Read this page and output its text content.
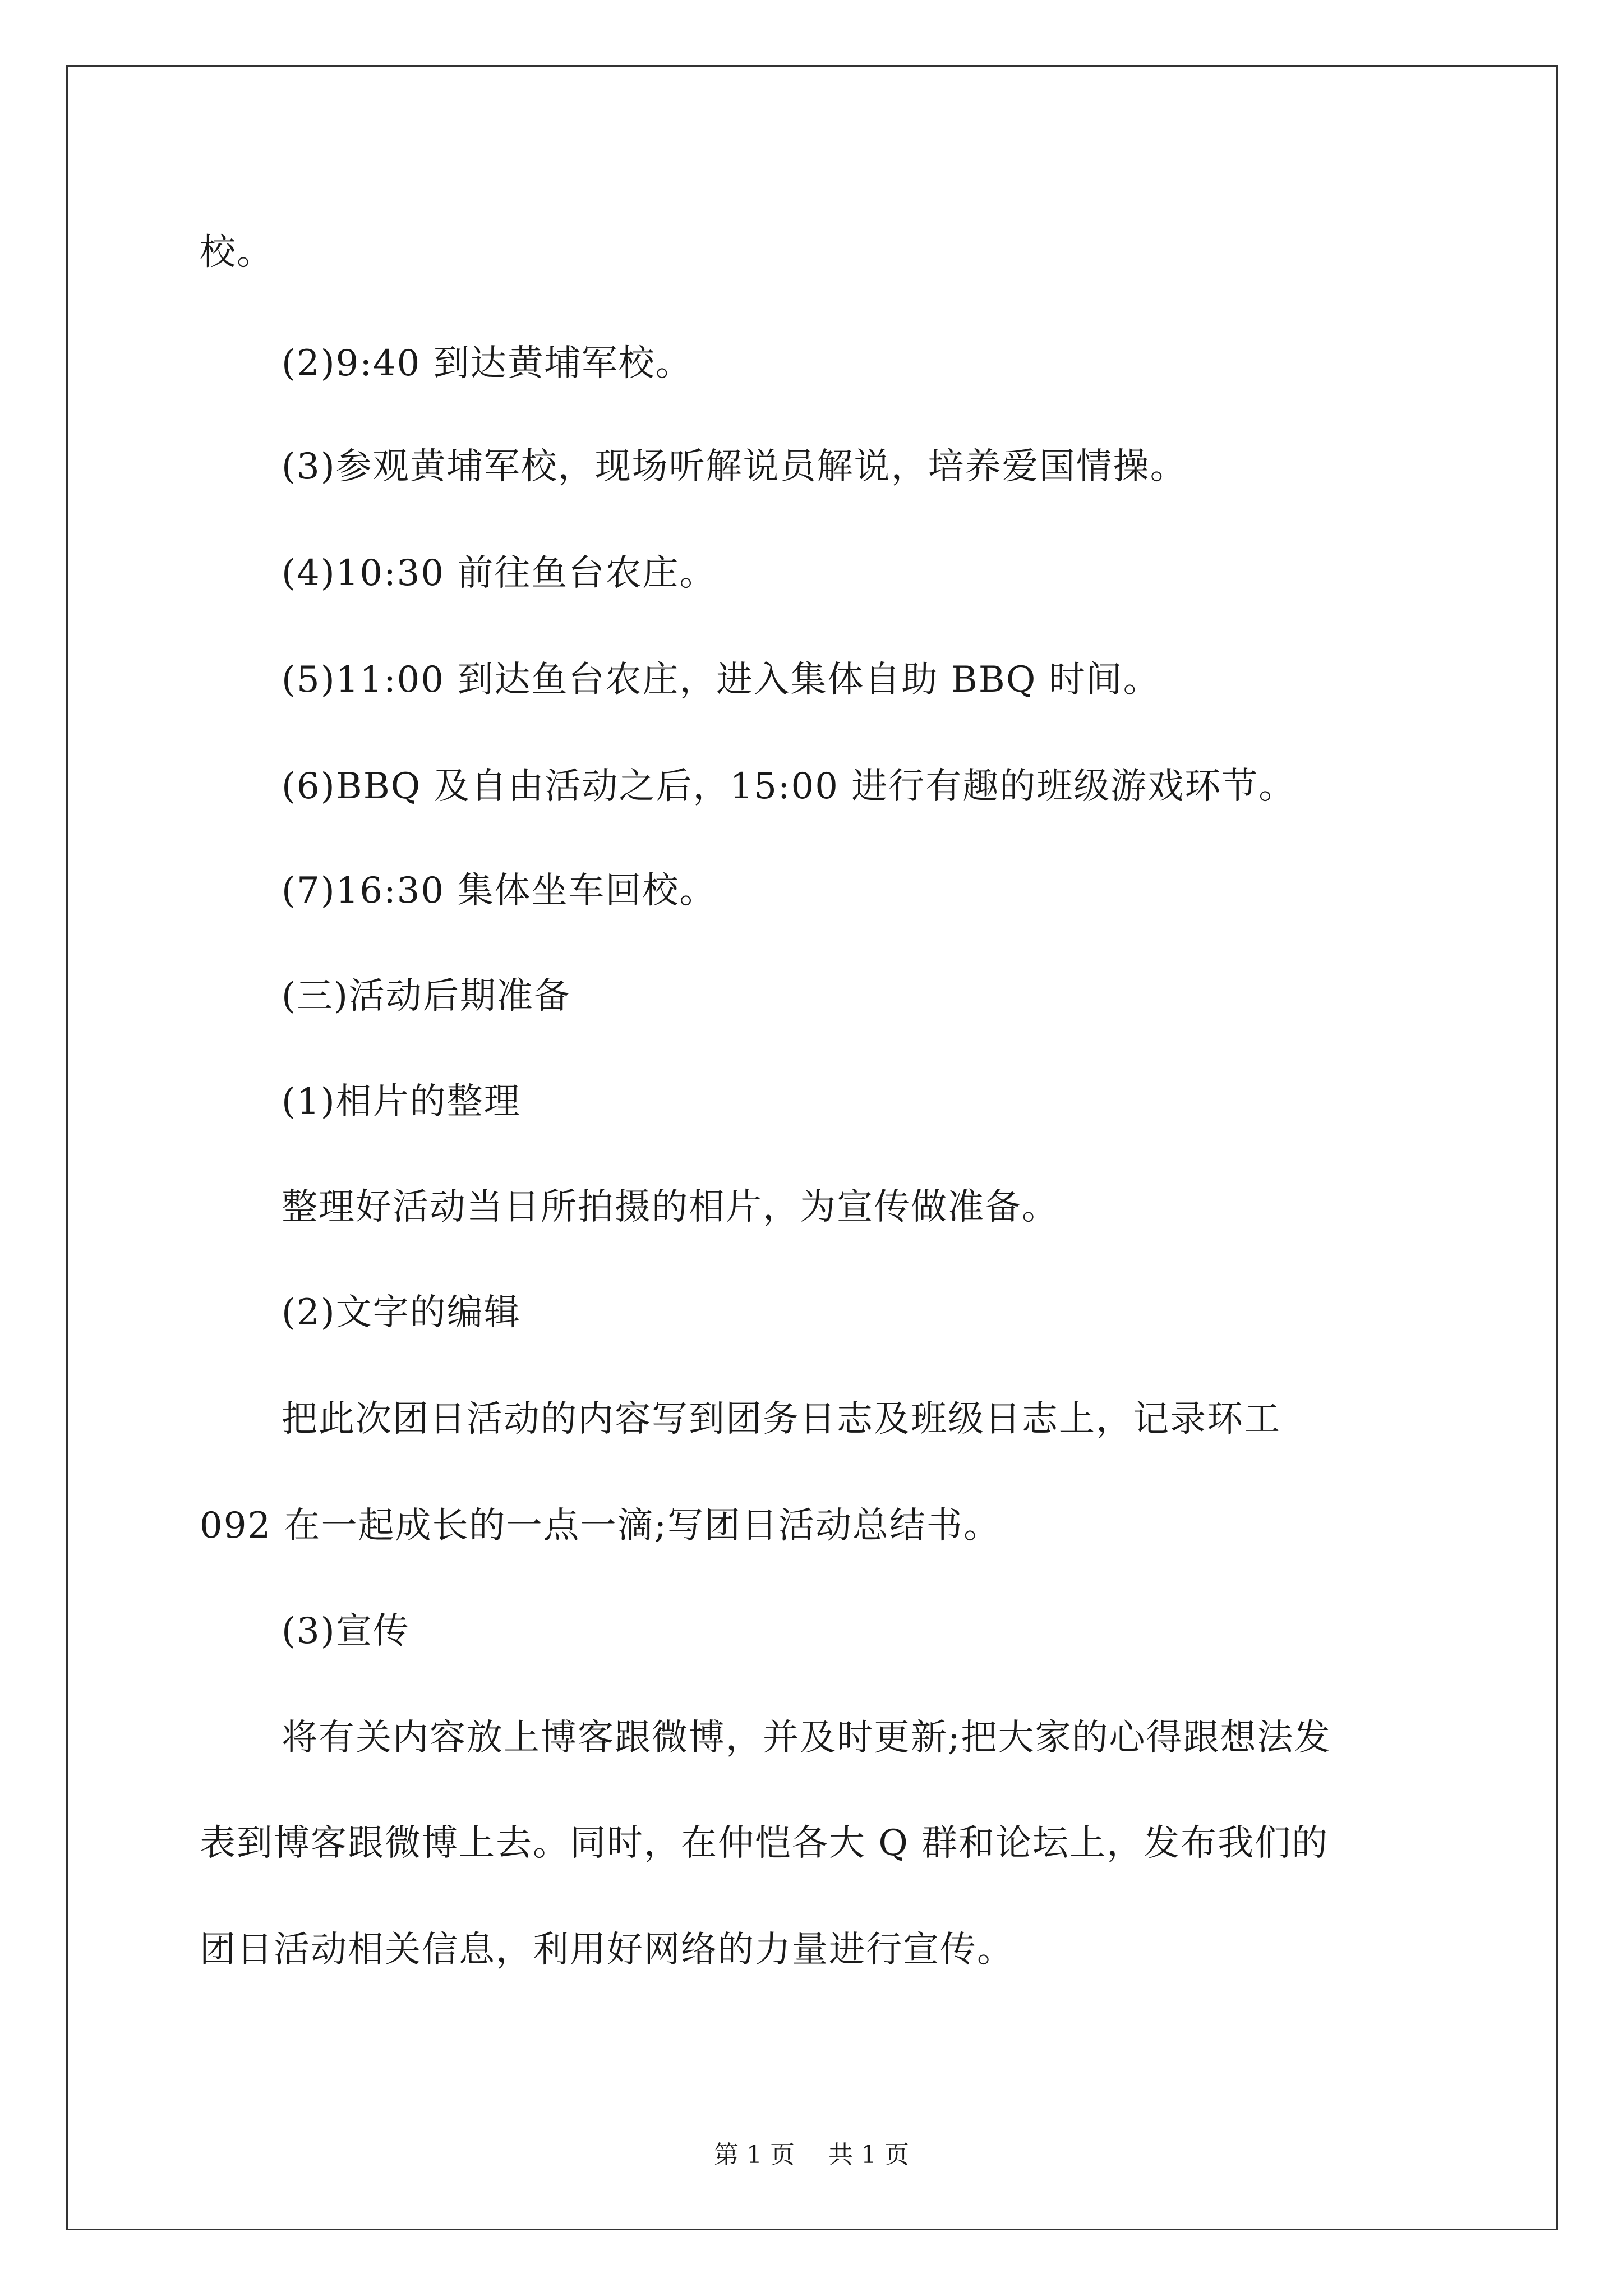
校。
(2)9:40 到达黄埔军校。
(3)参观黄埔军校，现场听解说员解说，培养爱国情操。
(4)10:30 前往鱼台农庄。
(5)11:00 到达鱼台农庄，进入集体自助 BBQ 时间。
(6)BBQ 及自由活动之后，15:00 进行有趣的班级游戏环节。
(7)16:30 集体坐车回校。
(三)活动后期准备
(1)相片的整理
整理好活动当日所拍摄的相片，为宣传做准备。
(2)文字的编辑
把此次团日活动的内容写到团务日志及班级日志上，记录环工
092 在一起成长的一点一滴;写团日活动总结书。
(3)宣传
将有关内容放上博客跟微博，并及时更新;把大家的心得跟想法发
表到博客跟微博上去。同时，在仲恺各大 Q 群和论坛上，发布我们的
团日活动相关信息，利用好网络的力量进行宣传。
第 1 页 共 1 页
